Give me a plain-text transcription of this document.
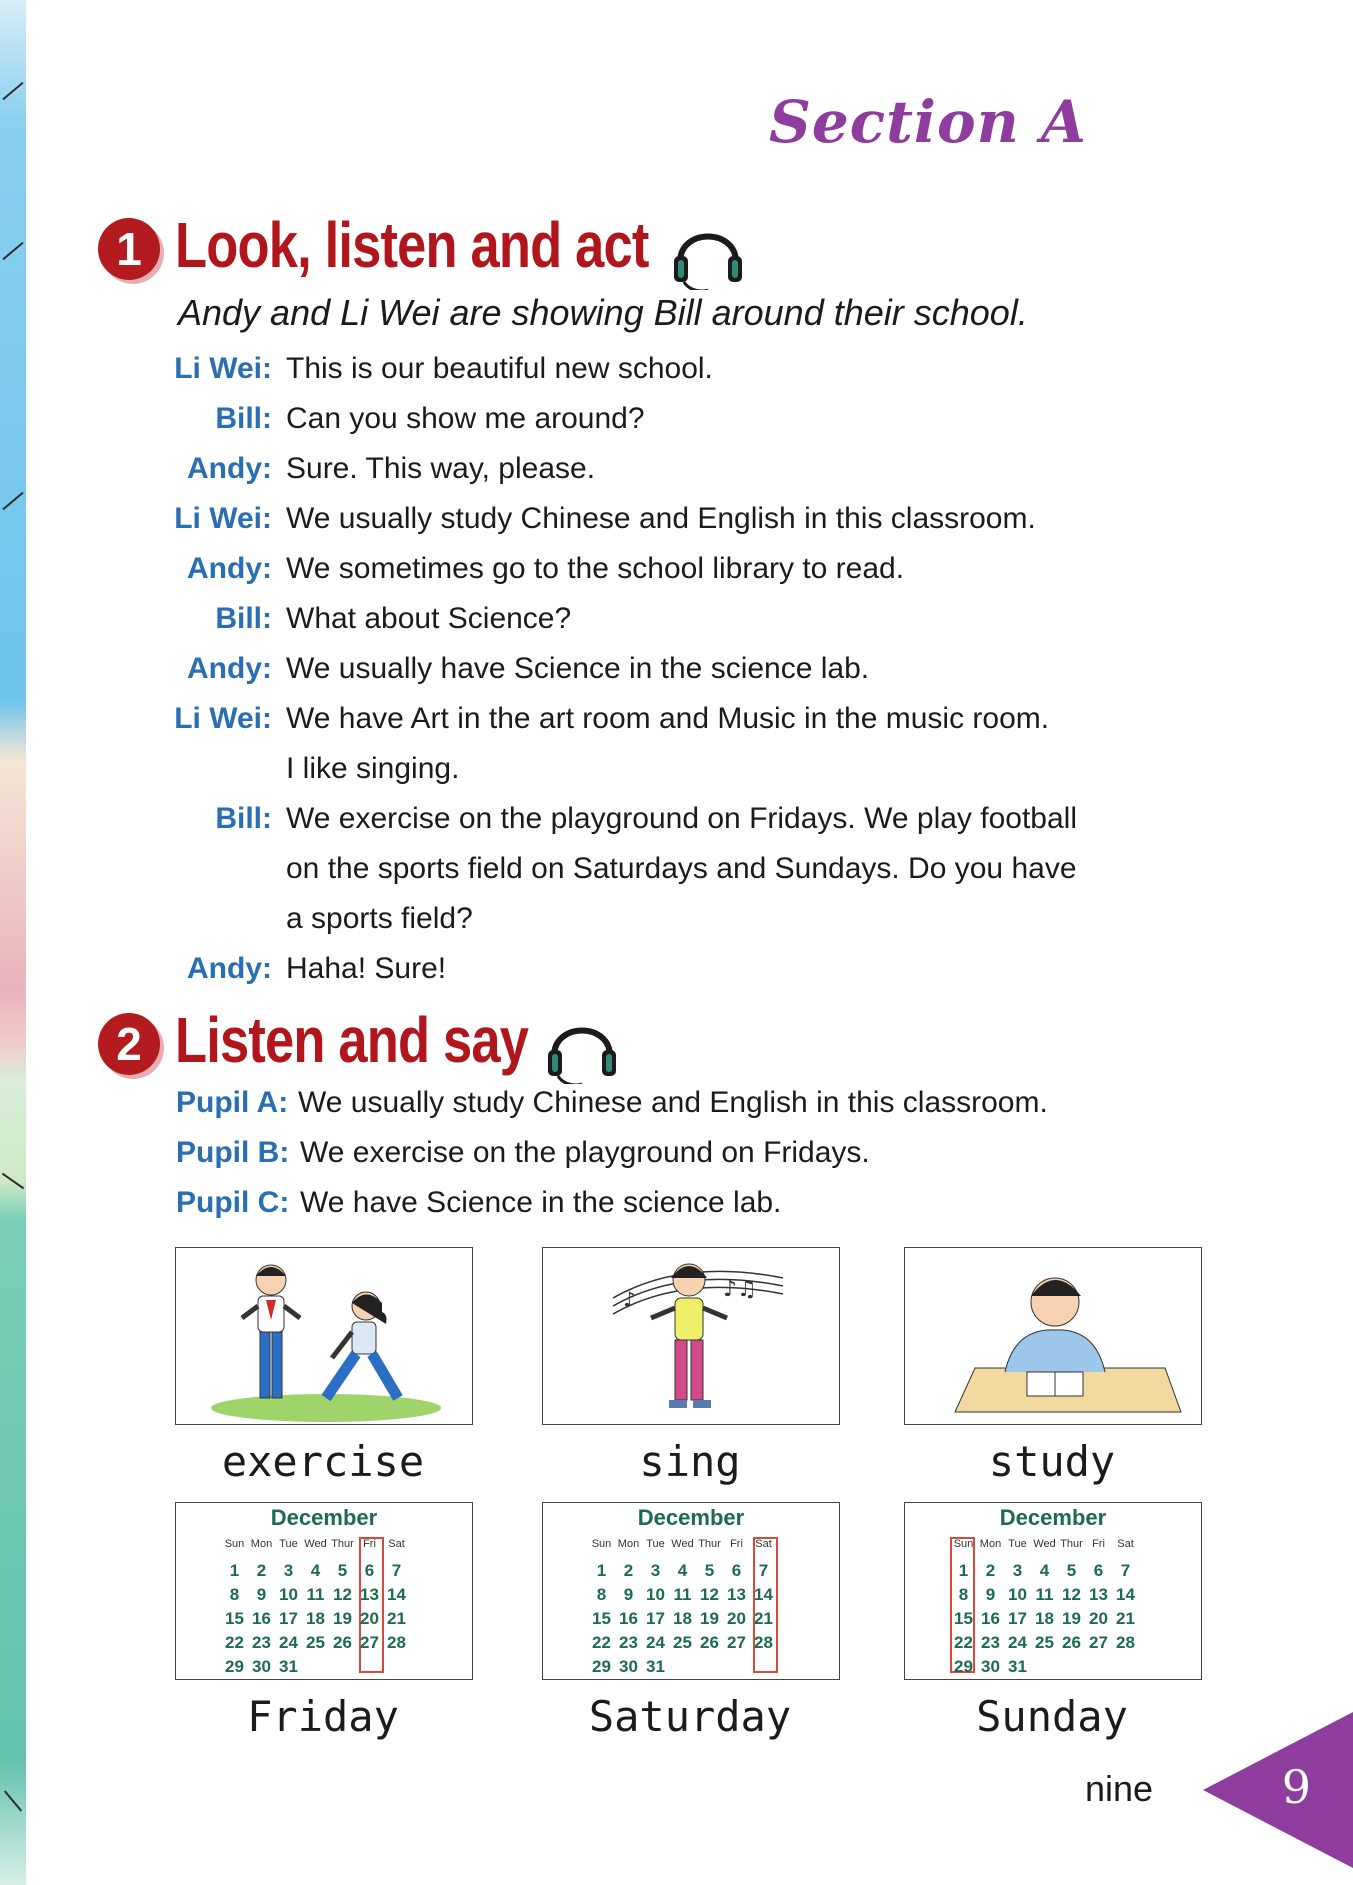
Section A
1 Look, listen and act
Andy and Li Wei are showing Bill around their school.
Li Wei: This is our beautiful new school.
Bill: Can you show me around?
Andy: Sure. This way, please.
Li Wei: We usually study Chinese and English in this classroom.
Andy: We sometimes go to the school library to read.
Bill: What about Science?
Andy: We usually have Science in the science lab.
Li Wei: We have Art in the art room and Music in the music room.
I like singing.
Bill: We exercise on the playground on Fridays. We play football
on the sports field on Saturdays and Sundays. Do you have
a sports field?
Andy: Haha! Sure!
2 Listen and say
Pupil A: We usually study Chinese and English in this classroom.
Pupil B: We exercise on the playground on Fridays.
Pupil C: We have Science in the science lab.
♪♫
♪
exercise	sing	study
December
Sun Mon Tue Wed Thur Fri	Sat
1	2	3	4	5	6	7
8	9 10 11 12 13 14
15 16 17 18 19 20 21
22 23 24 25 26 27 28
29 30 31
December
Sun Mon Tue Wed Thur Fri	Sat
1	2	3	4	5	6	7
8	9 10 11 12 13 14
15 16 17 18 19 20 21
22 23 24 25 26 27 28
29 30 31
December
Sun Mon Tue Wed Thur Fri	Sat
1	2	3	4	5	6	7
8	9 10 11 12 13 14
15 16 17 18 19 20 21
22 23 24 25 26 27 28
29 30 31
Friday	Saturday	Sunday
nine	9
